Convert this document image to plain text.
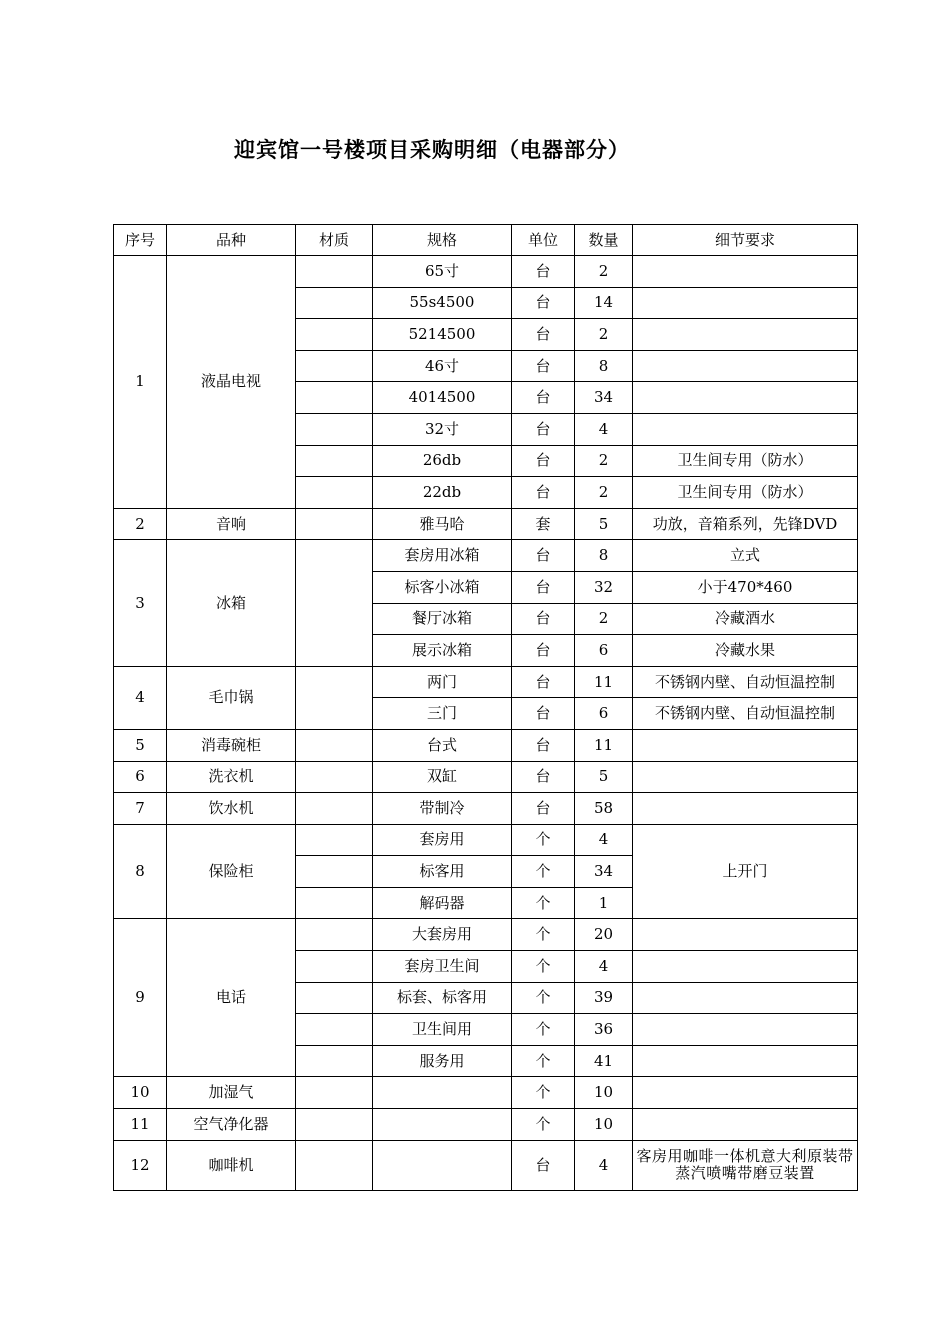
迎宾馆一号楼项目采购明细（电器部分）
序号	品种	材质	规格	单位	数量	细节要求
1	液晶电视		65寸	台	2	
			55s4500	台	14	
			5214500	台	2	
			46寸	台	8	
			4014500	台	34	
			32寸	台	4	
			26db	台	2	卫生间专用（防水）
			22db	台	2	卫生间专用（防水）
2	音响		雅马哈	套	5	功放，音箱系列，先锋DVD
3	冰箱		套房用冰箱	台	8	立式
			标客小冰箱	台	32	小于470*460
			餐厅冰箱	台	2	冷藏酒水
			展示冰箱	台	6	冷藏水果
4	毛巾锅		两门	台	11	不锈钢内壁、自动恒温控制
			三门	台	6	不锈钢内壁、自动恒温控制
5	消毒碗柜		台式	台	11	
6	洗衣机		双缸	台	5	
7	饮水机		带制冷	台	58	
8	保险柜		套房用	个	4	上开门
			标客用	个	34	
			解码器	个	1	
9	电话		大套房用	个	20	
			套房卫生间	个	4	
			标套、标客用	个	39	
			卫生间用	个	36	
			服务用	个	41	
10	加湿气			个	10	
11	空气净化器			个	10	
12	咖啡机			台	4	客房用咖啡一体机意大利原装带蒸汽喷嘴带磨豆装置
